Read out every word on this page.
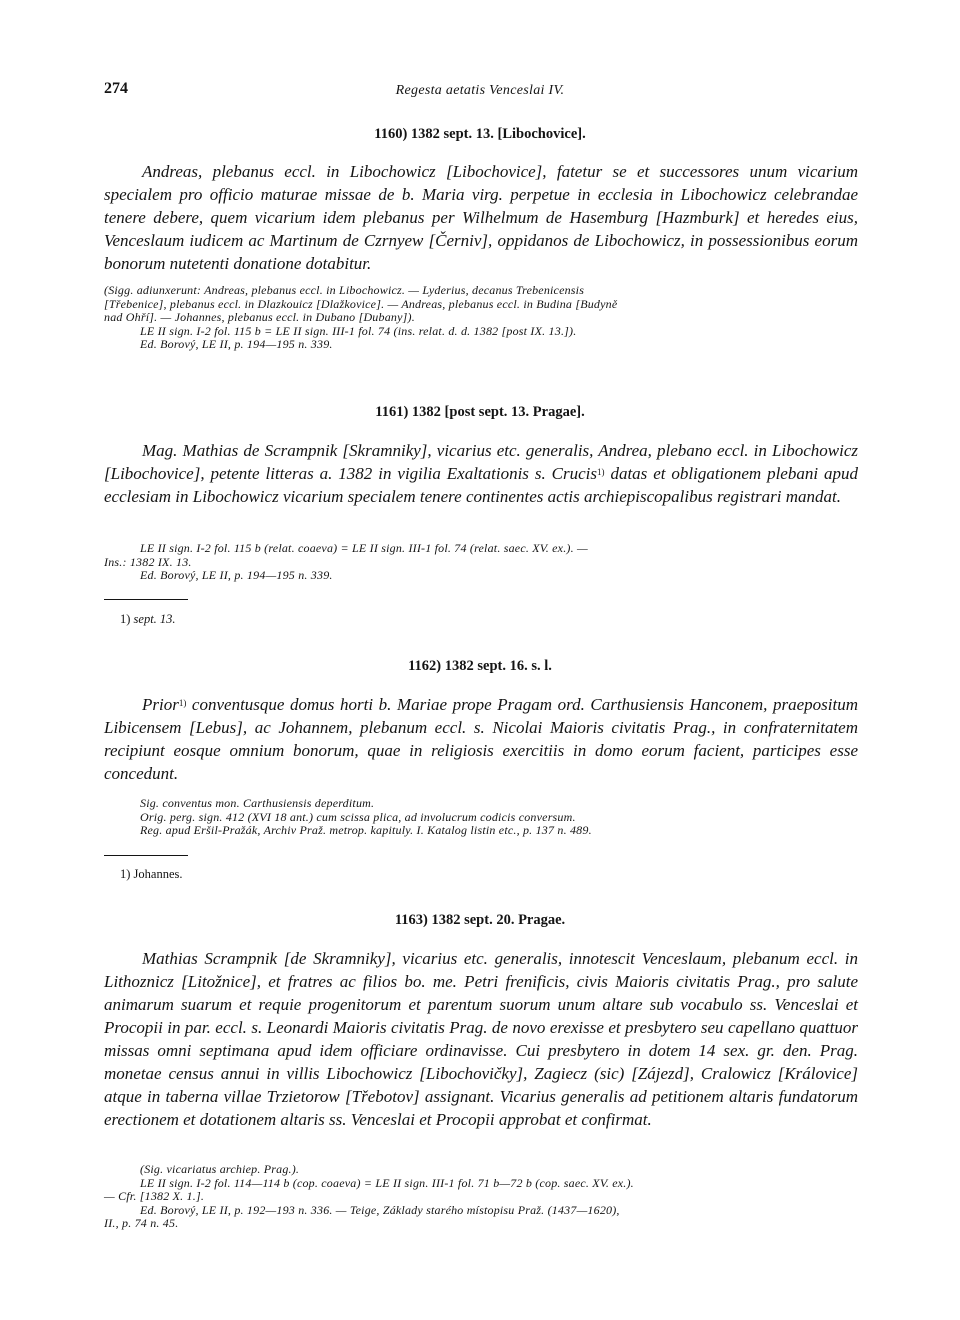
274	Regesta aetatis Venceslai IV.
1160) 1382 sept. 13. [Libochovice].
Andreas, plebanus eccl. in Libochowicz [Libochovice], fatetur se et successores unum vicarium specialem pro officio maturae missae de b. Maria virg. perpetue in ecclesia in Libochowicz celebrandae tenere debere, quem vicarium idem plebanus per Wilhelmum de Hasemburg [Hazmburk] et heredes eius, Venceslaum iudicem ac Martinum de Czrnyew [Černiv], oppidanos de Libochowicz, in possessionibus eorum bonorum nutetenti donatione dotabitur.
(Sigg. adiunxerunt: Andreas, plebanus eccl. in Libochowicz. — Lyderius, decanus Trebenicensis
[Třebenice], plebanus eccl. in Dlazkouicz [Dlažkovice]. — Andreas, plebanus eccl. in Budina [Budyně
nad Ohří]. — Johannes, plebanus eccl. in Dubano [Dubany]).
LE II sign. I-2 fol. 115 b = LE II sign. III-1 fol. 74 (ins. relat. d. d. 1382 [post IX. 13.]).
Ed. Borový, LE II, p. 194—195 n. 339.
1161) 1382 [post sept. 13. Pragae].
Mag. Mathias de Scrampnik [Skramniky], vicarius etc. generalis, Andrea, plebano eccl. in Libochowicz [Libochovice], petente litteras a. 1382 in vigilia Exaltationis s. Crucis$^{1)}$ datas et obligationem plebani apud ecclesiam in Libochowicz vicarium specialem tenere continentes actis archiepiscopalibus registrari mandat.
LE II sign. I-2 fol. 115 b (relat. coaeva) = LE II sign. III-1 fol. 74 (relat. saec. XV. ex.). —
Ins.: 1382 IX. 13.
Ed. Borový, LE II, p. 194—195 n. 339.
1) sept. 13.
1162) 1382 sept. 16. s. l.
Prior$^{1)}$ conventusque domus horti b. Mariae prope Pragam ord. Carthusiensis Hanconem, praepositum Libicensem [Lebus], ac Johannem, plebanum eccl. s. Nicolai Maioris civitatis Prag., in confraternitatem recipiunt eosque omnium bonorum, quae in religiosis exercitiis in domo eorum facient, participes esse concedunt.
Sig. conventus mon. Carthusiensis deperditum.
Orig. perg. sign. 412 (XVI 18 ant.) cum scissa plica, ad involucrum codicis conversum.
Reg. apud Eršil-Pražák, Archiv Praž. metrop. kapituly. I. Katalog listin etc., p. 137 n. 489.
1) Johannes.
1163) 1382 sept. 20. Pragae.
Mathias Scrampnik [de Skramniky], vicarius etc. generalis, innotescit Venceslaum, plebanum eccl. in Lithoznicz [Litožnice], et fratres ac filios bo. me. Petri frenificis, civis Maioris civitatis Prag., pro salute animarum suarum et requie progenitorum et parentum suorum unum altare sub vocabulo ss. Venceslai et Procopii in par. eccl. s. Leonardi Maioris civitatis Prag. de novo erexisse et presbytero seu capellano quattuor missas omni septimana apud idem officiare ordinavisse. Cui presbytero in dotem 14 sex. gr. den. Prag. monetae census annui in villis Libochowicz [Libochovičky], Zagiecz (sic) [Zájezd], Cralowicz [Královice] atque in taberna villae Trzietorow [Třebotov] assignant. Vicarius generalis ad petitionem altaris fundatorum erectionem et dotationem altaris ss. Venceslai et Procopii approbat et confirmat.
(Sig. vicariatus archiep. Prag.).
LE II sign. I-2 fol. 114—114 b (cop. coaeva) = LE II sign. III-1 fol. 71 b—72 b (cop. saec. XV. ex.).
— Cfr. [1382 X. 1.].
Ed. Borový, LE II, p. 192—193 n. 336. — Teige, Základy starého místopisu Praž. (1437—1620),
II., p. 74 n. 45.
